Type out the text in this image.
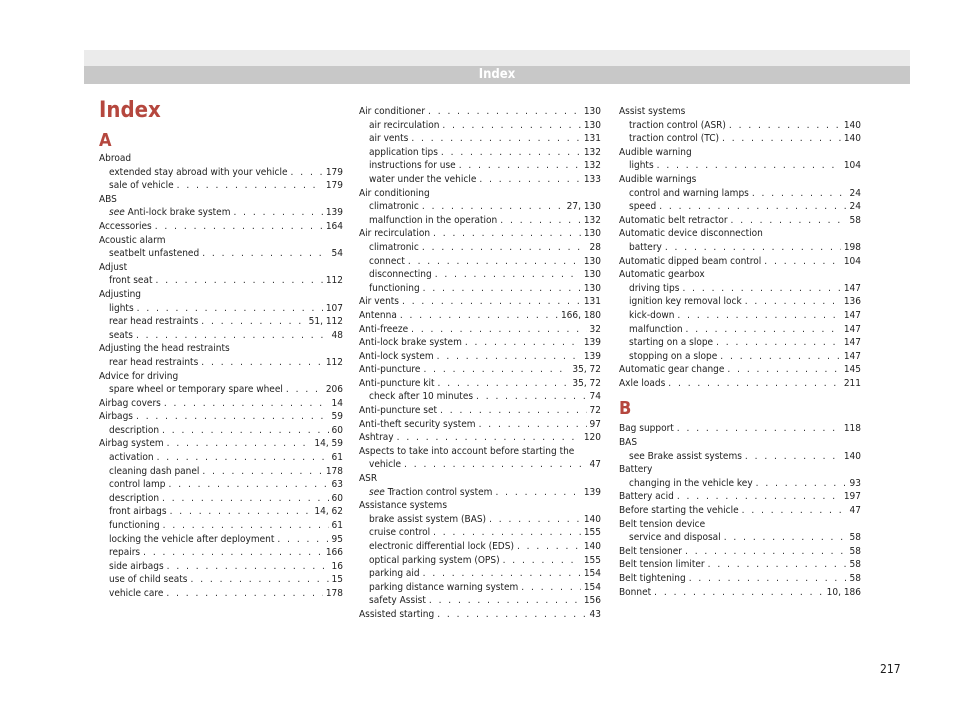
Index
Index
A
Abroad
extended stay abroad with your vehicle . . .	179
sale of vehicle . . .	179
ABS
see Anti-lock brake system . . .	139
Accessories . . .	164
Acoustic alarm
seatbelt unfastened . . .	54
Adjust
front seat . . .	112
Adjusting
lights . . .	107
rear head restraints . . .	51, 112
seats . . .	48
Adjusting the head restraints
rear head restraints . . .	112
Advice for driving
spare wheel or temporary spare wheel . . .	206
Airbag covers . . .	14
Airbags . . .	59
description . . .	60
Airbag system . . .	14, 59
activation . . .	61
cleaning dash panel . . .	178
control lamp . . .	63
description . . .	60
front airbags . . .	14, 62
functioning . . .	61
locking the vehicle after deployment . . .	95
repairs . . .	166
side airbags . . .	16
use of child seats . . .	15
vehicle care . . .	178
Air conditioner . . .	130
air recirculation . . .	130
air vents . . .	131
application tips . . .	132
instructions for use . . .	132
water under the vehicle . . .	133
Air conditioning
climatronic . . .	27, 130
malfunction in the operation . . .	132
Air recirculation . . .	130
climatronic . . .	28
connect . . .	130
disconnecting . . .	130
functioning . . .	130
Air vents . . .	131
Antenna . . .	166, 180
Anti-freeze . . .	32
Anti-lock brake system . . .	139
Anti-lock system . . .	139
Anti-puncture . . .	35, 72
Anti-puncture kit . . .	35, 72
check after 10 minutes . . .	74
Anti-puncture set . . .	72
Anti-theft security system . . .	97
Ashtray . . .	120
Aspects to take into account before starting the
vehicle . . .	47
ASR
see Traction control system . . .	139
Assistance systems
brake assist system (BAS) . . .	140
cruise control . . .	155
electronic differential lock (EDS) . . .	140
optical parking system (OPS) . . .	155
parking aid . . .	154
parking distance warning system . . .	154
safety Assist . . .	156
Assisted starting . . .	43
Assist systems
traction control (ASR) . . .	140
traction control (TC) . . .	140
Audible warning
lights . . .	104
Audible warnings
control and warning lamps . . .	24
speed . . .	24
Automatic belt retractor . . .	58
Automatic device disconnection
battery . . .	198
Automatic dipped beam control . . .	104
Automatic gearbox
driving tips . . .	147
ignition key removal lock . . .	136
kick-down . . .	147
malfunction . . .	147
starting on a slope . . .	147
stopping on a slope . . .	147
Automatic gear change . . .	145
Axle loads . . .	211
B
Bag support . . .	118
BAS
see Brake assist systems . . .	140
Battery
changing in the vehicle key . . .	93
Battery acid . . .	197
Before starting the vehicle . . .	47
Belt tension device
service and disposal . . .	58
Belt tensioner . . .	58
Belt tension limiter . . .	58
Belt tightening . . .	58
Bonnet . . .	10, 186
217
